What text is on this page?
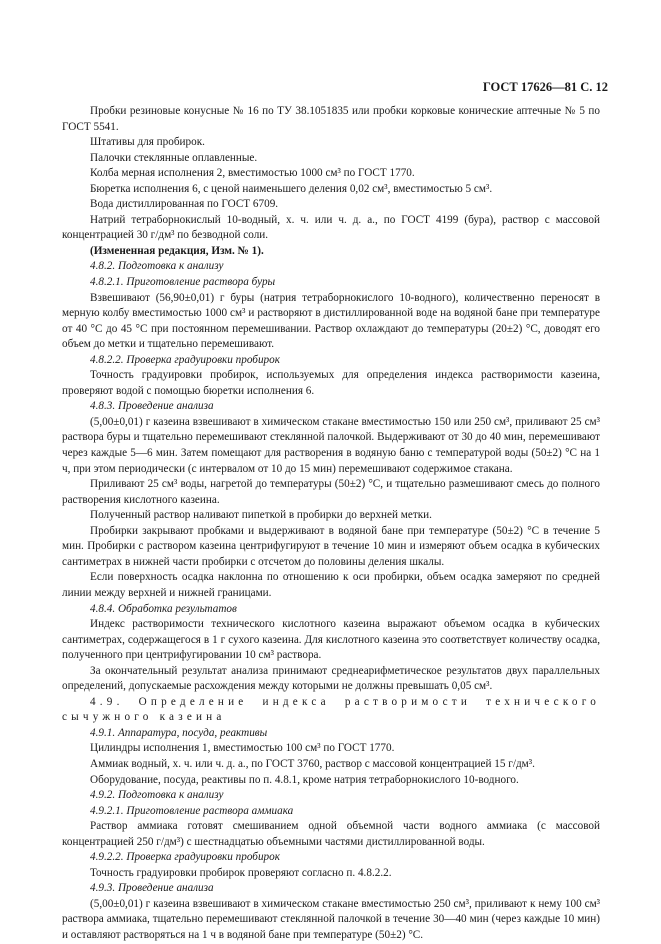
ГОСТ 17626—81 С. 12

Пробки резиновые конусные № 16 по ТУ 38.1051835 или пробки корковые конические аптечные № 5 по ГОСТ 5541.

Штативы для пробирок.

Палочки стеклянные оплавленные.

Колба мерная исполнения 2, вместимостью 1000 см³ по ГОСТ 1770.

Бюретка исполнения 6, с ценой наименьшего деления 0,02 см³, вместимостью 5 см³.

Вода дистиллированная по ГОСТ 6709.

Натрий тетраборнокислый 10-водный, х. ч. или ч. д. а., по ГОСТ 4199 (бура), раствор с массовой концентрацией 30 г/дм³ по безводной соли.

(Измененная редакция, Изм. № 1).

4.8.2. Подготовка к анализу

4.8.2.1. Приготовление раствора буры

Взвешивают (56,90±0,01) г буры (натрия тетраборнокислого 10-водного), количественно переносят в мерную колбу вместимостью 1000 см³ и растворяют в дистиллированной воде на водяной бане при температуре от 40 °С до 45 °С при постоянном перемешивании. Раствор охлаждают до температуры (20±2) °С, доводят его объем до метки и тщательно перемешивают.

4.8.2.2. Проверка градуировки пробирок

Точность градуировки пробирок, используемых для определения индекса растворимости казеина, проверяют водой с помощью бюретки исполнения 6.

4.8.3. Проведение анализа

(5,00±0,01) г казеина взвешивают в химическом стакане вместимостью 150 или 250 см³, приливают 25 см³ раствора буры и тщательно перемешивают стеклянной палочкой. Выдерживают от 30 до 40 мин, перемешивают через каждые 5—6 мин. Затем помещают для растворения в водяную баню с температурой воды (50±2) °С на 1 ч, при этом периодически (с интервалом от 10 до 15 мин) перемешивают содержимое стакана.

Приливают 25 см³ воды, нагретой до температуры (50±2) °С, и тщательно размешивают смесь до полного растворения кислотного казеина.

Полученный раствор наливают пипеткой в пробирки до верхней метки.

Пробирки закрывают пробками и выдерживают в водяной бане при температуре (50±2) °С в течение 5 мин. Пробирки с раствором казеина центрифугируют в течение 10 мин и измеряют объем осадка в кубических сантиметрах в нижней части пробирки с отсчетом до половины деления шкалы.

Если поверхность осадка наклонна по отношению к оси пробирки, объем осадка замеряют по средней линии между верхней и нижней границами.

4.8.4. Обработка результатов

Индекс растворимости технического кислотного казеина выражают объемом осадка в кубических сантиметрах, содержащегося в 1 г сухого казеина. Для кислотного казеина это соответствует количеству осадка, полученного при центрифугировании 10 см³ раствора.

За окончательный результат анализа принимают среднеарифметическое результатов двух параллельных определений, допускаемые расхождения между которыми не должны превышать 0,05 см³.

4.9. Определение индекса растворимости технического сычужного казеина

4.9.1. Аппаратура, посуда, реактивы

Цилиндры исполнения 1, вместимостью 100 см³ по ГОСТ 1770.

Аммиак водный, х. ч. или ч. д. а., по ГОСТ 3760, раствор с массовой концентрацией 15 г/дм³.

Оборудование, посуда, реактивы по п. 4.8.1, кроме натрия тетраборнокислого 10-водного.

4.9.2. Подготовка к анализу

4.9.2.1. Приготовление раствора аммиака

Раствор аммиака готовят смешиванием одной объемной части водного аммиака (с массовой концентрацией 250 г/дм³) с шестнадцатью объемными частями дистиллированной воды.

4.9.2.2. Проверка градуировки пробирок

Точность градуировки пробирок проверяют согласно п. 4.8.2.2.

4.9.3. Проведение анализа

(5,00±0,01) г казеина взвешивают в химическом стакане вместимостью 250 см³, приливают к нему 100 см³ раствора аммиака, тщательно перемешивают стеклянной палочкой в течение 30—40 мин (через каждые 10 мин) и оставляют растворяться на 1 ч в водяной бане при температуре (50±2) °С.
